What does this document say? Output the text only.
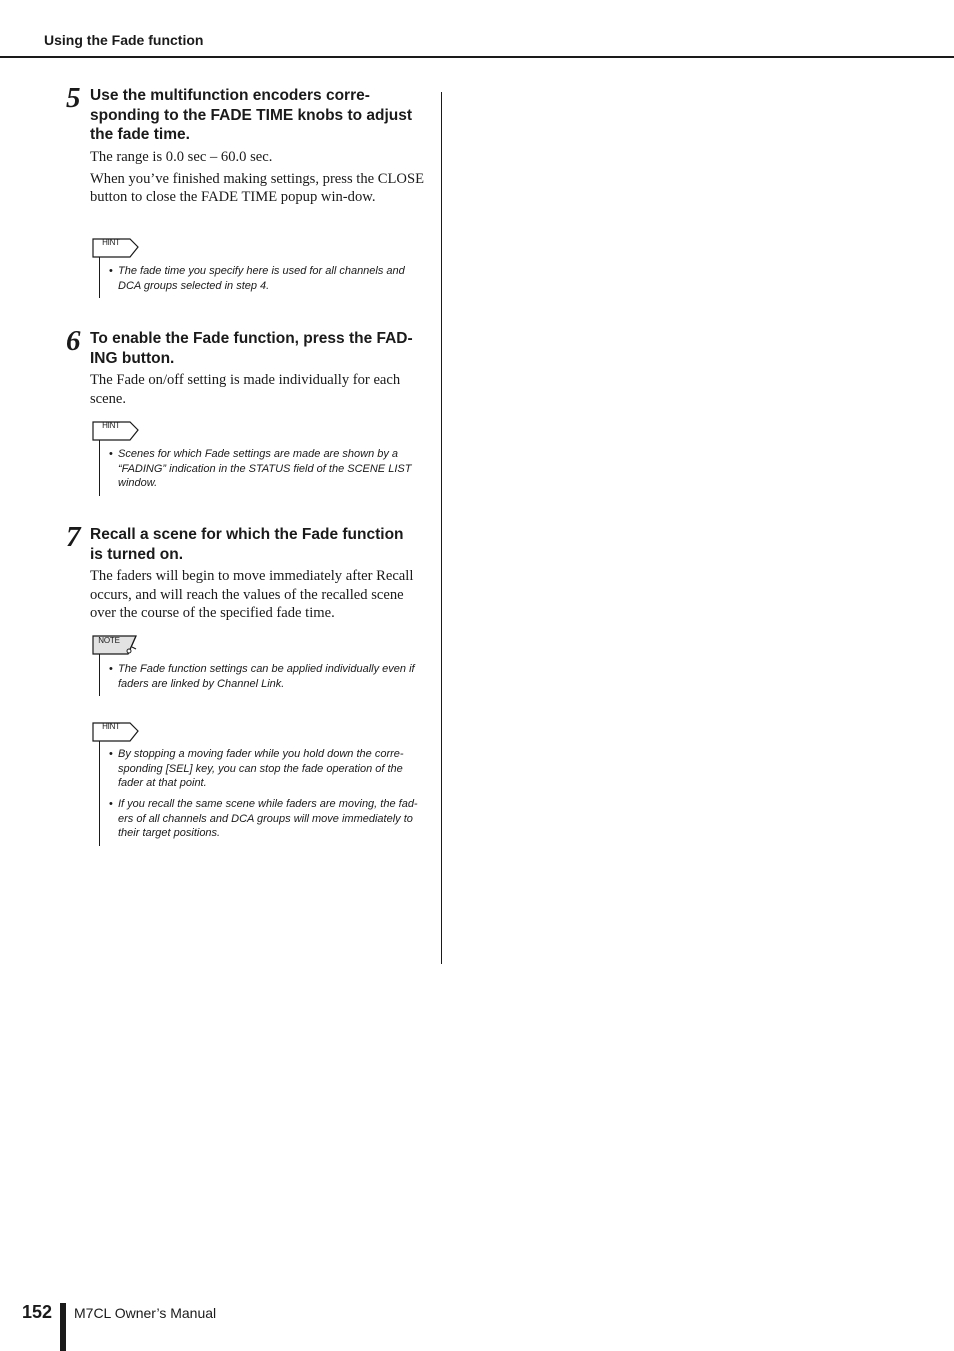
Using the Fade function
5 Use the multifunction encoders corre-
sponding to the FADE TIME knobs to adjust
the fade time.

The range is 0.0 sec – 60.0 sec.

When you’ve finished making settings, press the CLOSE button to close the FADE TIME popup win-dow.

HINT
• The fade time you specify here is used for all channels and DCA groups selected in step 4.
6 To enable the Fade function, press the FAD-
ING button.

The Fade on/off setting is made individually for each scene.

HINT
• Scenes for which Fade settings are made are shown by a “FADING” indication in the STATUS field of the SCENE LIST window.
7 Recall a scene for which the Fade function
is turned on.

The faders will begin to move immediately after Recall occurs, and will reach the values of the recalled scene over the course of the specified fade time.

NOTE
• The Fade function settings can be applied individually even if faders are linked by Channel Link.
HINT
• By stopping a moving fader while you hold down the corre-sponding [SEL] key, you can stop the fade operation of the fader at that point.
• If you recall the same scene while faders are moving, the fad-ers of all channels and DCA groups will move immediately to their target positions.
152 M7CL Owner’s Manual
